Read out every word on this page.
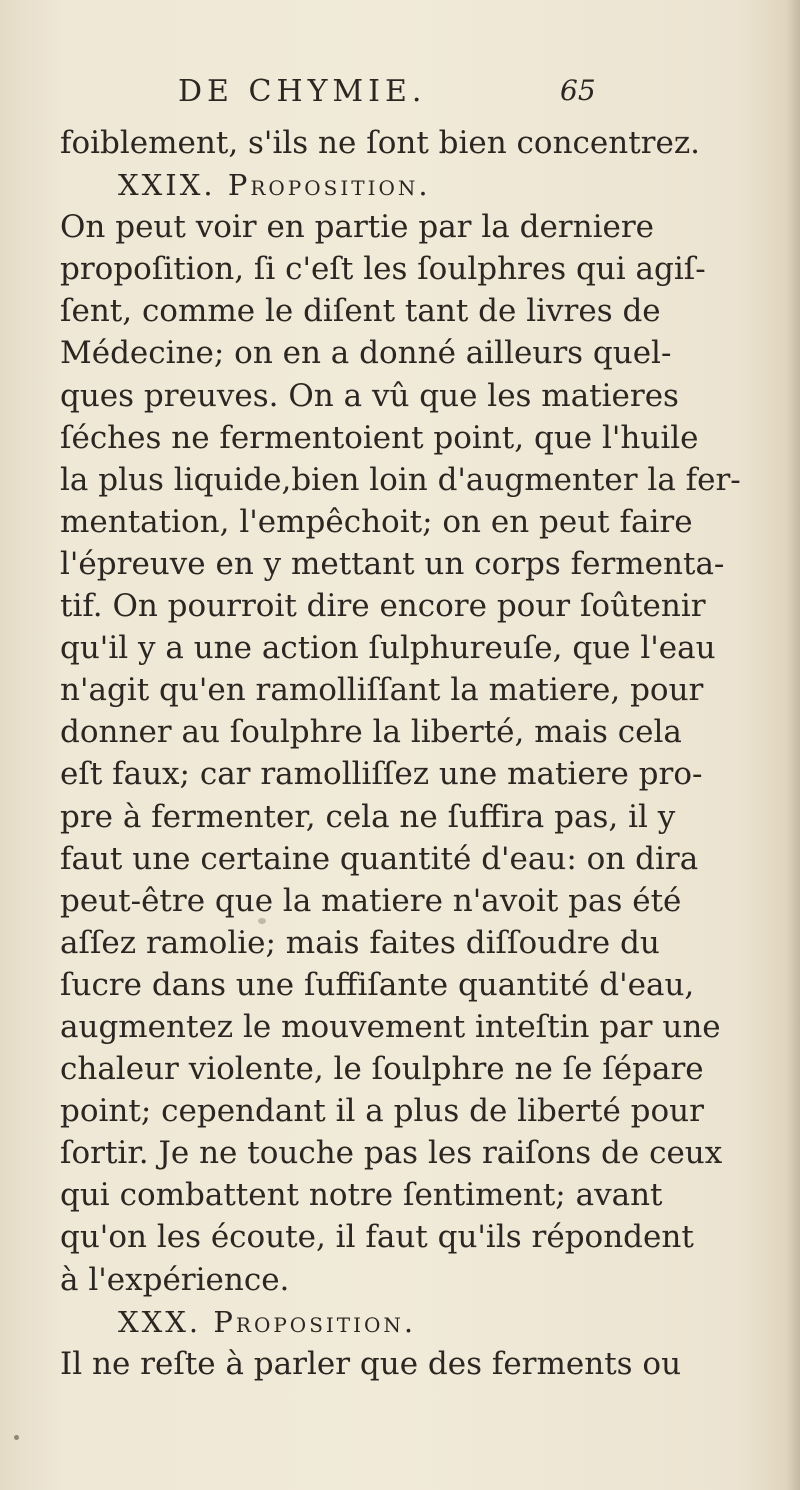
DE CHYMIE.	65
foiblement, s'ils ne ſont bien concentrez.
XXIX. Proposition.
On peut voir en partie par la derniere
propoſition, ſi c'eſt les ſoulphres qui agiſ-
ſent, comme le diſent tant de livres de
Médecine; on en a donné ailleurs quel-
ques preuves. On a vû que les matieres
ſéches ne fermentoient point, que l'huile
la plus liquide,bien loin d'augmenter la fer-
mentation, l'empêchoit; on en peut faire
l'épreuve en y mettant un corps fermenta-
tif. On pourroit dire encore pour ſoûtenir
qu'il y a une action ſulphureuſe, que l'eau
n'agit qu'en ramolliſſant la matiere, pour
donner au ſoulphre la liberté, mais cela
eſt faux; car ramolliſſez une matiere pro-
pre à fermenter, cela ne ſuffira pas, il y
faut une certaine quantité d'eau: on dira
peut-être que la matiere n'avoit pas été
aſſez ramolie; mais faites diſſoudre du
ſucre dans une ſuffiſante quantité d'eau,
augmentez le mouvement inteſtin par une
chaleur violente, le ſoulphre ne ſe ſépare
point; cependant il a plus de liberté pour
ſortir. Je ne touche pas les raiſons de ceux
qui combattent notre ſentiment; avant
qu'on les écoute, il faut qu'ils répondent
à l'expérience.
XXX. Proposition.
Il ne reſte à parler que des ferments ou
